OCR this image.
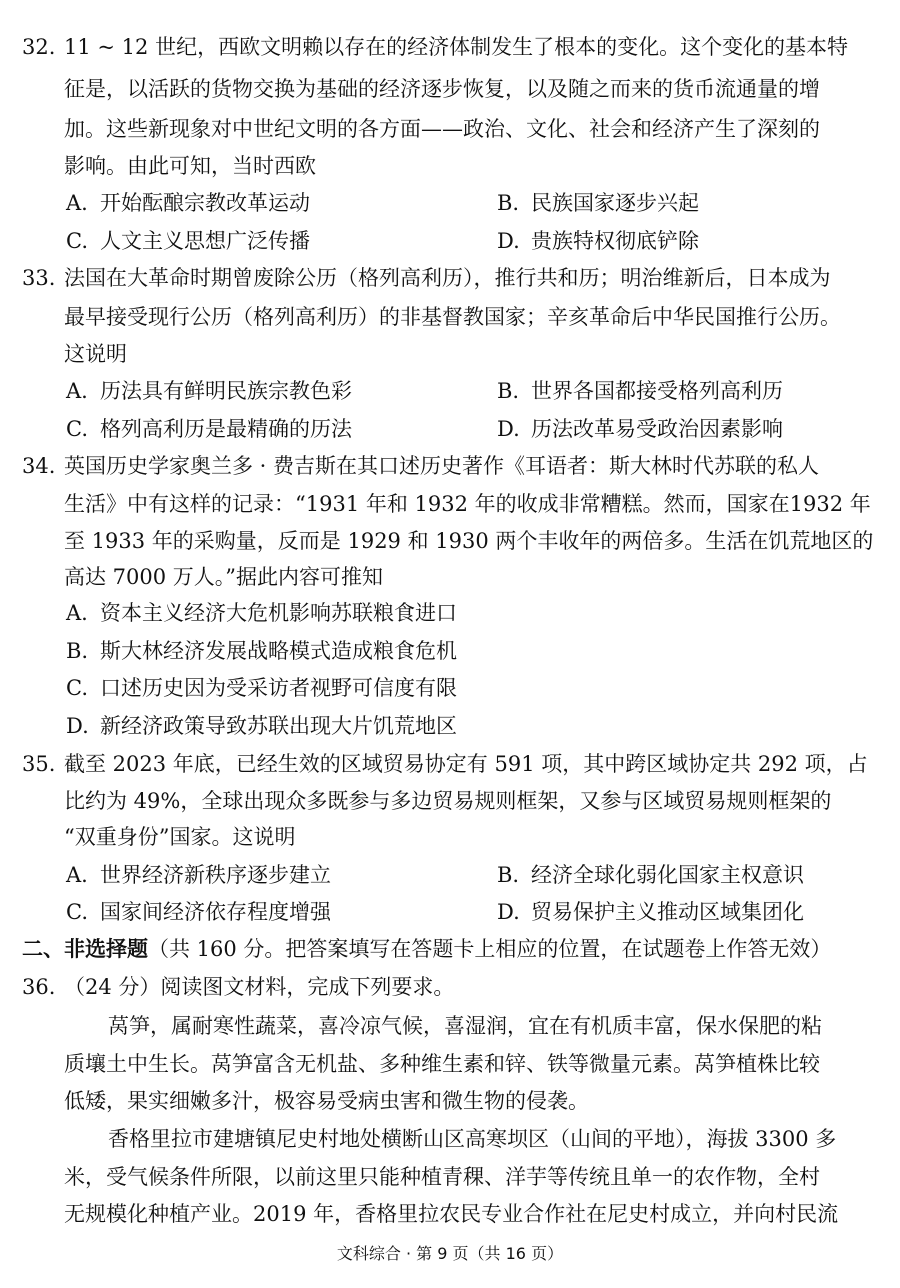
32. 11 ~ 12 世纪，西欧文明赖以存在的经济体制发生了根本的变化。这个变化的基本特
征是，以活跃的货物交换为基础的经济逐步恢复，以及随之而来的货币流通量的增
加。这些新现象对中世纪文明的各方面——政治、文化、社会和经济产生了深刻的
影响。由此可知，当时西欧
A. 开始酝酿宗教改革运动	B. 民族国家逐步兴起
C. 人文主义思想广泛传播	D. 贵族特权彻底铲除
33. 法国在大革命时期曾废除公历（格列高利历），推行共和历；明治维新后，日本成为
最早接受现行公历（格列高利历）的非基督教国家；辛亥革命后中华民国推行公历。
这说明
A. 历法具有鲜明民族宗教色彩	B. 世界各国都接受格列高利历
C. 格列高利历是最精确的历法	D. 历法改革易受政治因素影响
34. 英国历史学家奥兰多 · 费吉斯在其口述历史著作《耳语者：斯大林时代苏联的私人
生活》中有这样的记录：“1931 年和 1932 年的收成非常糟糕。然而，国家在1932 年
至 1933 年的采购量，反而是 1929 和 1930 两个丰收年的两倍多。生活在饥荒地区的
高达 7000 万人。”据此内容可推知
A. 资本主义经济大危机影响苏联粮食进口
B. 斯大林经济发展战略模式造成粮食危机
C. 口述历史因为受采访者视野可信度有限
D. 新经济政策导致苏联出现大片饥荒地区
35. 截至 2023 年底，已经生效的区域贸易协定有 591 项，其中跨区域协定共 292 项，占
比约为 49%，全球出现众多既参与多边贸易规则框架，又参与区域贸易规则框架的
“双重身份”国家。这说明
A. 世界经济新秩序逐步建立	B. 经济全球化弱化国家主权意识
C. 国家间经济依存程度增强	D. 贸易保护主义推动区域集团化
二、非选择题（共 160 分。把答案填写在答题卡上相应的位置，在试题卷上作答无效）
36. （24 分）阅读图文材料，完成下列要求。
莴笋，属耐寒性蔬菜，喜冷凉气候，喜湿润，宜在有机质丰富，保水保肥的粘
质壤土中生长。莴笋富含无机盐、多种维生素和锌、铁等微量元素。莴笋植株比较
低矮，果实细嫩多汁，极容易受病虫害和微生物的侵袭。
香格里拉市建塘镇尼史村地处横断山区高寒坝区（山间的平地），海拔 3300 多
米，受气候条件所限，以前这里只能种植青稞、洋芋等传统且单一的农作物，全村
无规模化种植产业。2019 年，香格里拉农民专业合作社在尼史村成立，并向村民流
文科综合 · 第 9 页（共 16 页）
